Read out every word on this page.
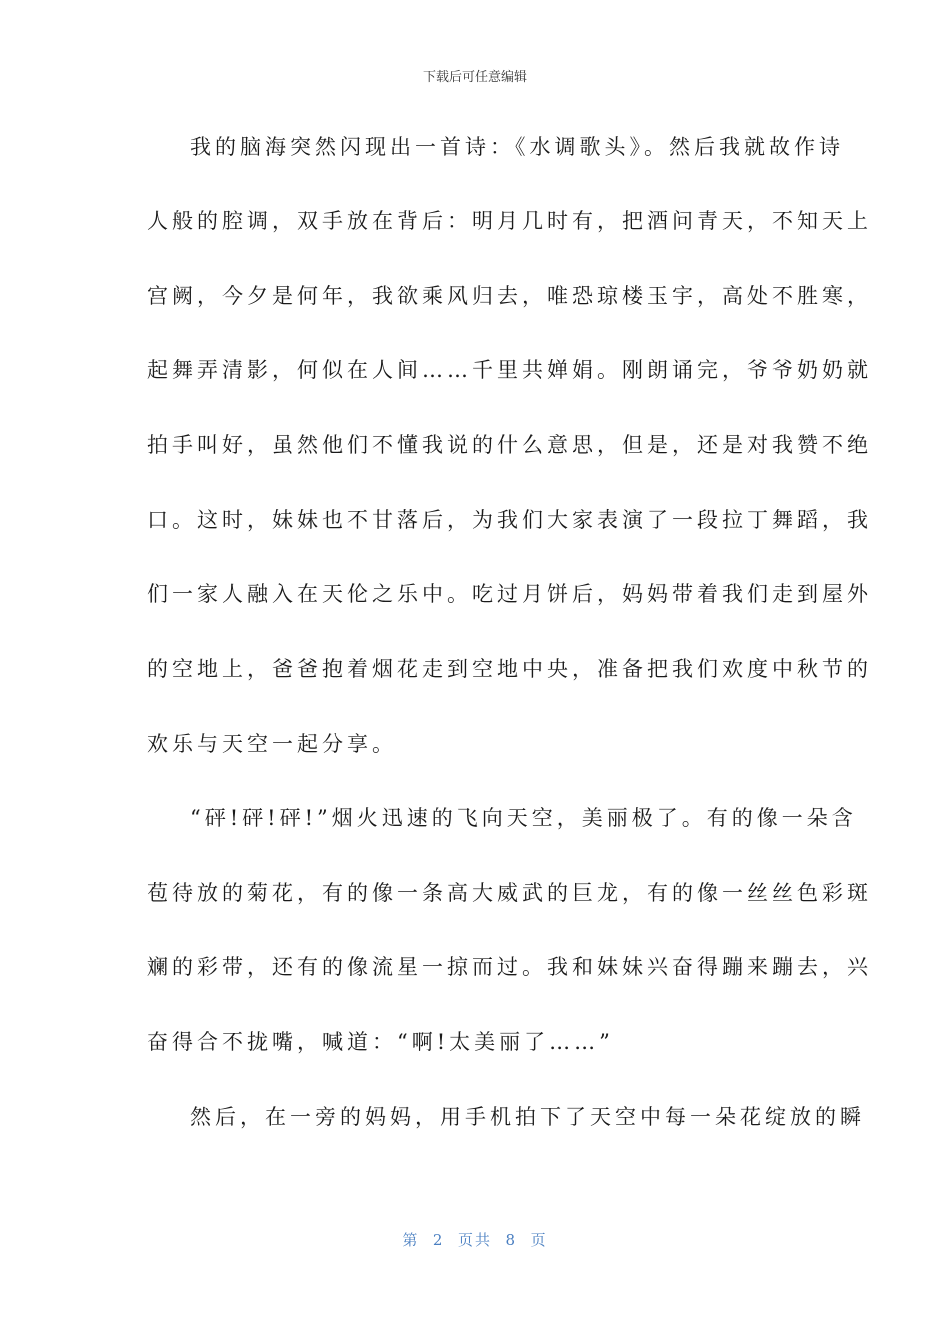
下载后可任意编辑
我的脑海突然闪现出一首诗：《水调歌头》。然后我就故作诗
人般的腔调，双手放在背后：明月几时有，把酒问青天，不知天上
宫阙，今夕是何年，我欲乘风归去，唯恐琼楼玉宇，高处不胜寒，
起舞弄清影，何似在人间……千里共婵娟。刚朗诵完，爷爷奶奶就
拍手叫好，虽然他们不懂我说的什么意思，但是，还是对我赞不绝
口。这时，妹妹也不甘落后，为我们大家表演了一段拉丁舞蹈，我
们一家人融入在天伦之乐中。吃过月饼后，妈妈带着我们走到屋外
的空地上，爸爸抱着烟花走到空地中央，准备把我们欢度中秋节的
欢乐与天空一起分享。
“砰!砰!砰!”烟火迅速的飞向天空，美丽极了。有的像一朵含
苞待放的菊花，有的像一条高大威武的巨龙，有的像一丝丝色彩斑
斓的彩带，还有的像流星一掠而过。我和妹妹兴奋得蹦来蹦去，兴
奋得合不拢嘴，喊道：“啊!太美丽了……”
然后，在一旁的妈妈，用手机拍下了天空中每一朵花绽放的瞬
第  2  页共  8  页
